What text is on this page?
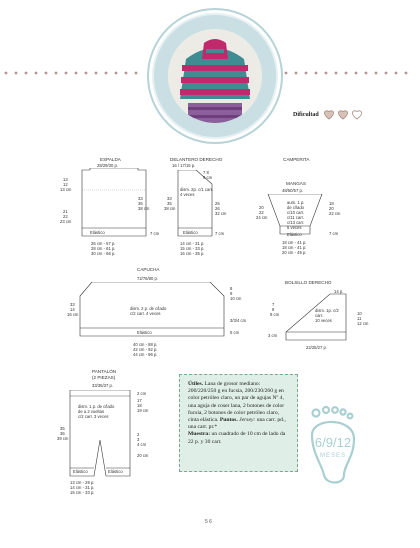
Dificultad
ESPALDA
28/29/30 p.
13
12
13 cm
21
22
23 cm
33
35
38 cm
Elástico	7 cm
26 cm - 57 p.
28 cm - 61 p.
30 cm - 66 p.
DELANTERO DERECHO
16 / 17/15 p.
7 8
9 cm
dism. 2p. c/1 carr.
4 veces
33
35
38 cm
25
26
32 cm
Elástico	7 cm
14 cm - 31 p.
15 cm - 33 p.
16 cm - 35 p.
CAMPERITA
MANGAS
48/50/57 p.
aum. 1 p.
de c/lado
c/10 carr.
c/11 carr.
c/13 carr.
6 veces
20
22
24 cm
18
20
22 cm
Elástico	7 cm
18 cm - 41 p.
18 cm - 41 p.
20 cm - 45 p.
CAPUCHA
72/76/80 p.
33
14
16 cm
8
9
10 cm
3/3/4 cm
dism. 2 p. de c/lado
c/2 carr. 4 veces
Elástico	5 cm
40 cm - 88 p.
42 cm - 92 p.
44 cm - 96 p.
BOLSILLO DERECHO
14 p.
7
8
9 cm
dism. 1p. c/2
carr.
10 veces
10
11
12 cm
3 cm
22/25/27 p.
PANTALÓN
(2 PIEZAS)
33/35/37 p.
dism. 1 p. de c/lado
de a 2 vueltas
c/2 carr. 3 veces
35
36
39 cm
17
18
19 cm
2
3
4 cm
2 cm
Elástico	Elástico
20 cm
13 cm - 29 p.
14 cm - 31 p.
15 cm - 33 p.
Útiles. Lana de grosor mediano: 200/220/250 g en fucsia, 200/230/260 g en color petróleo claro, un par de agujas Nº 4, una aguja de coser lana, 2 botones de color fucsia, 2 botones de color petróleo claro, cinta elástica. Puntos. Jersey: una carr. pd., una carr. pr.*
Muestra: un cuadrado de 10 cm de lado da 22 p. y 30 carr.	6/9/12
MESES
5 6
